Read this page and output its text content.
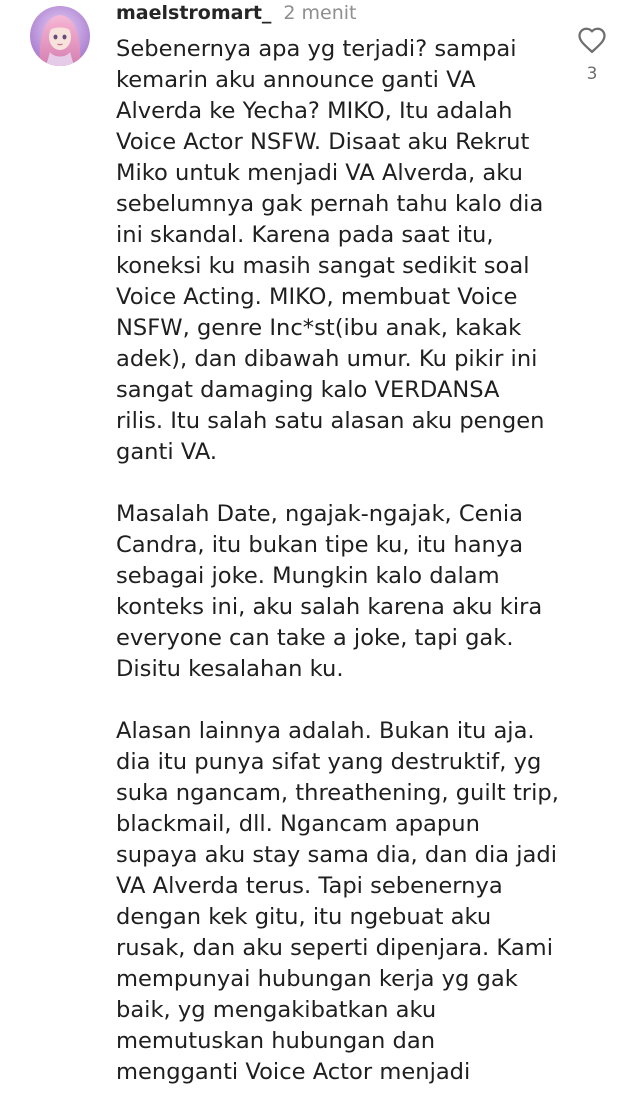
maelstromart_ 2 menit
3

Sebenernya apa yg terjadi? sampai
kemarin aku announce ganti VA
Alverda ke Yecha? MIKO, Itu adalah
Voice Actor NSFW. Disaat aku Rekrut
Miko untuk menjadi VA Alverda, aku
sebelumnya gak pernah tahu kalo dia
ini skandal. Karena pada saat itu,
koneksi ku masih sangat sedikit soal
Voice Acting. MIKO, membuat Voice
NSFW, genre Inc*st(ibu anak, kakak
adek), dan dibawah umur. Ku pikir ini
sangat damaging kalo VERDANSA
rilis. Itu salah satu alasan aku pengen
ganti VA.

Masalah Date, ngajak-ngajak, Cenia
Candra, itu bukan tipe ku, itu hanya
sebagai joke. Mungkin kalo dalam
konteks ini, aku salah karena aku kira
everyone can take a joke, tapi gak.
Disitu kesalahan ku.

Alasan lainnya adalah. Bukan itu aja.
dia itu punya sifat yang destruktif, yg
suka ngancam, threathening, guilt trip,
blackmail, dll. Ngancam apapun
supaya aku stay sama dia, dan dia jadi
VA Alverda terus. Tapi sebenernya
dengan kek gitu, itu ngebuat aku
rusak, dan aku seperti dipenjara. Kami
mempunyai hubungan kerja yg gak
baik, yg mengakibatkan aku
memutuskan hubungan dan
mengganti Voice Actor menjadi
